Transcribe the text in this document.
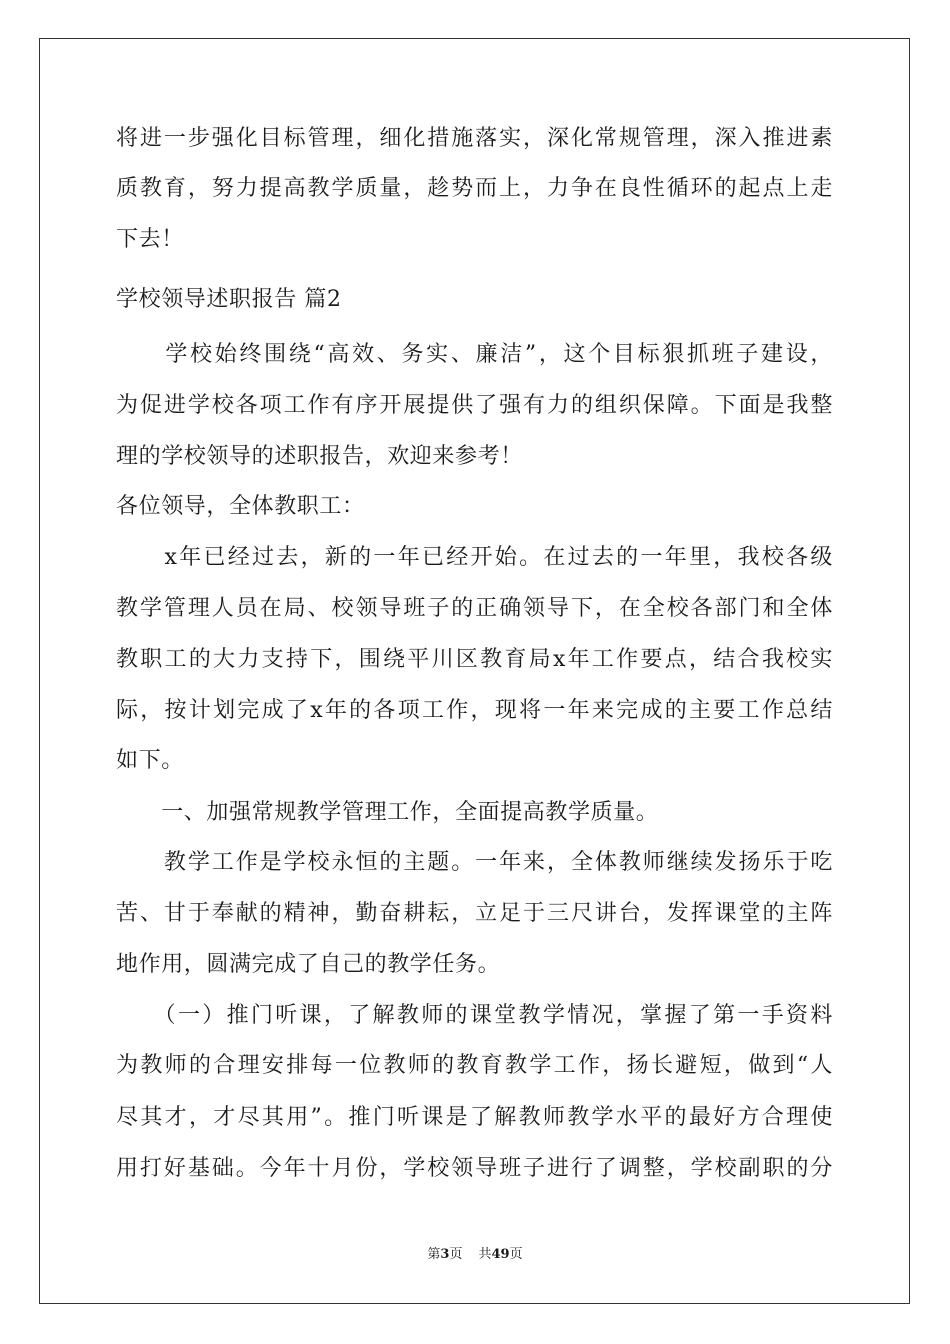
将进一步强化目标管理，细化措施落实，深化常规管理，深入推进素
质教育，努力提高教学质量，趁势而上，力争在良性循环的起点上走
下去！
学校领导述职报告 篇2
　　学校始终围绕“高效、务实、廉洁”，这个目标狠抓班子建设，
为促进学校各项工作有序开展提供了强有力的组织保障。下面是我整
理的学校领导的述职报告，欢迎来参考！
各位领导，全体教职工：
　　x年已经过去，新的一年已经开始。在过去的一年里，我校各级
教学管理人员在局、校领导班子的正确领导下，在全校各部门和全体
教职工的大力支持下，围绕平川区教育局x年工作要点，结合我校实
际，按计划完成了x年的各项工作，现将一年来完成的主要工作总结
如下。
　　一、加强常规教学管理工作，全面提高教学质量。
　　教学工作是学校永恒的主题。一年来，全体教师继续发扬乐于吃
苦、甘于奉献的精神，勤奋耕耘，立足于三尺讲台，发挥课堂的主阵
地作用，圆满完成了自己的教学任务。
　　（一）推门听课，了解教师的课堂教学情况，掌握了第一手资料
为教师的合理安排每一位教师的教育教学工作，扬长避短，做到“人
尽其才，才尽其用”。推门听课是了解教师教学水平的最好方合理使
用打好基础。今年十月份，学校领导班子进行了调整，学校副职的分
第3页 共49页
